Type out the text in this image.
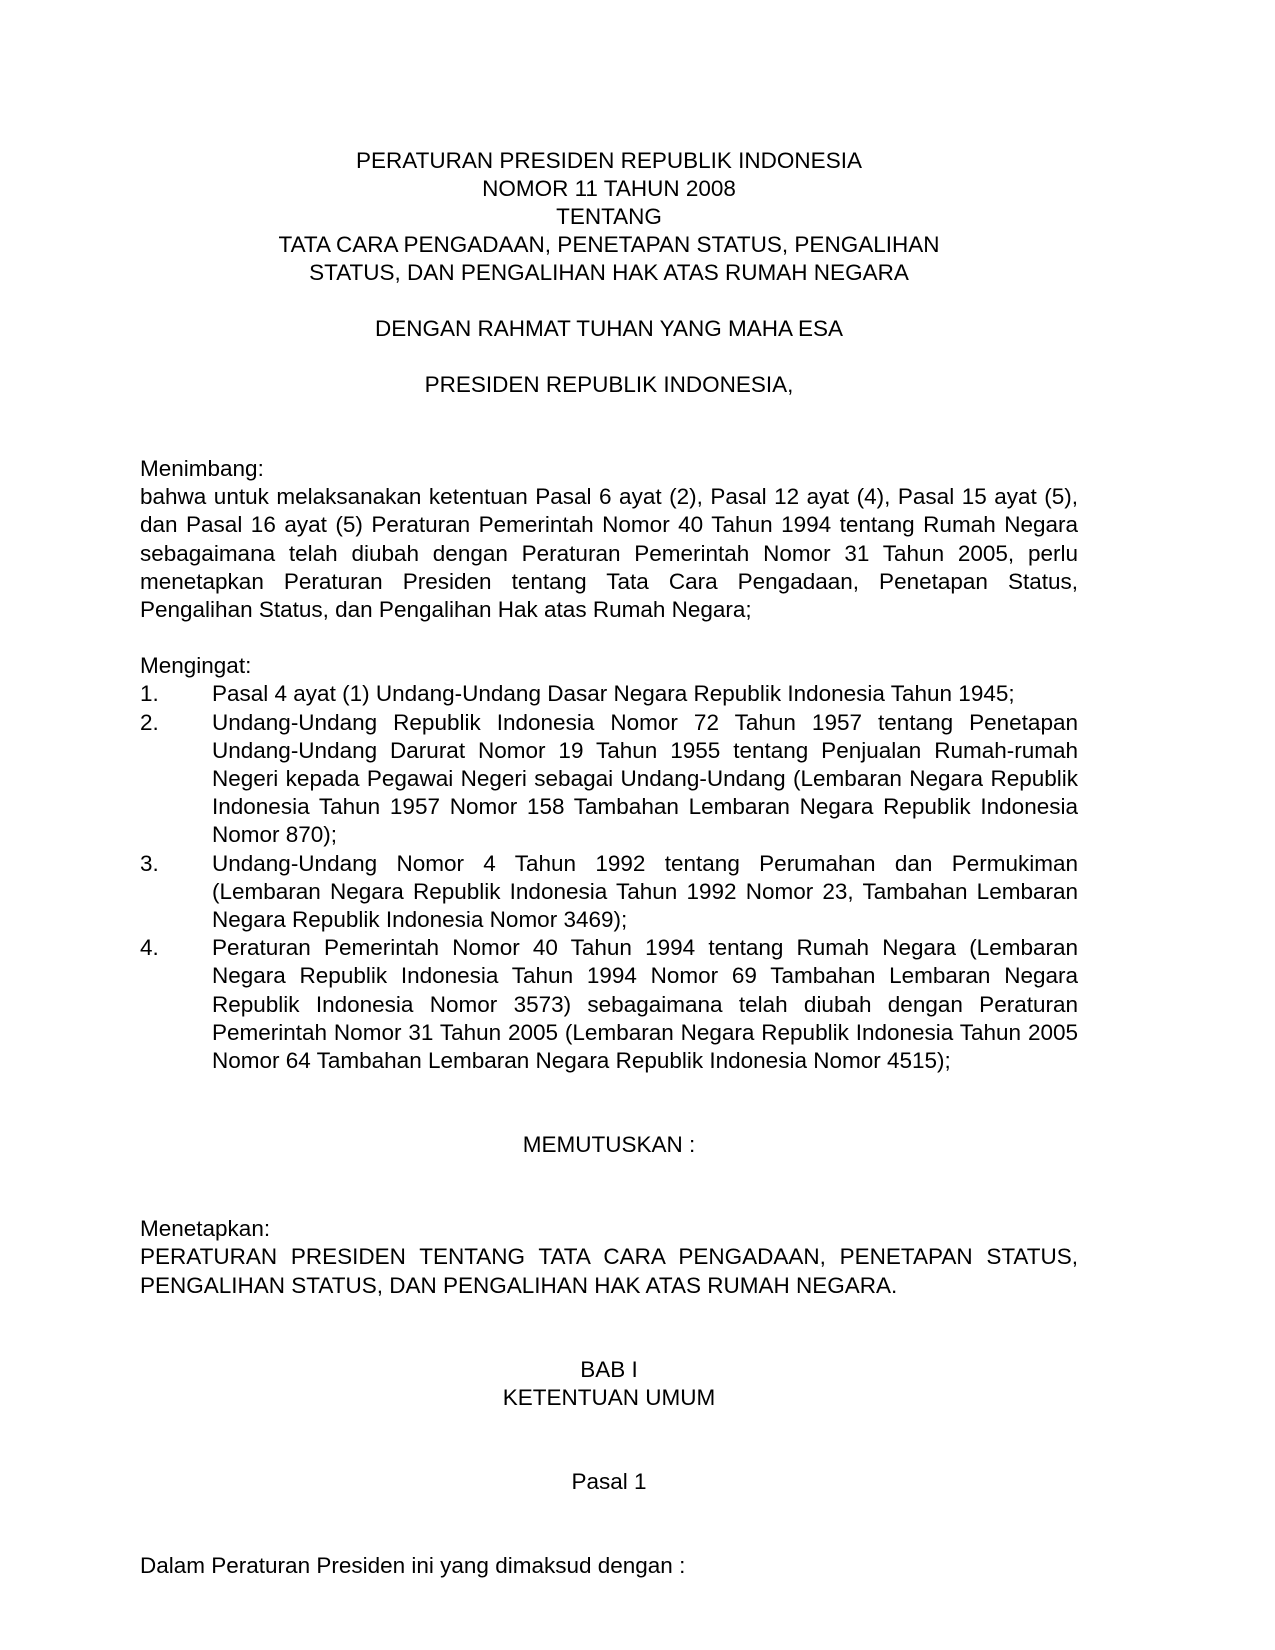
PERATURAN PRESIDEN REPUBLIK INDONESIA
NOMOR 11 TAHUN 2008
TENTANG
TATA CARA PENGADAAN, PENETAPAN STATUS, PENGALIHAN
STATUS, DAN PENGALIHAN HAK ATAS RUMAH NEGARA
DENGAN RAHMAT TUHAN YANG MAHA ESA
PRESIDEN REPUBLIK INDONESIA,
Menimbang:

bahwa untuk melaksanakan ketentuan Pasal 6 ayat (2), Pasal 12 ayat (4), Pasal 15 ayat (5), dan Pasal 16 ayat (5) Peraturan Pemerintah Nomor 40 Tahun 1994 tentang Rumah Negara sebagaimana telah diubah dengan Peraturan Pemerintah Nomor 31 Tahun 2005, perlu menetapkan Peraturan Presiden tentang Tata Cara Pengadaan, Penetapan Status, Pengalihan Status, dan Pengalihan Hak atas Rumah Negara;

Mengingat:
1.	Pasal 4 ayat (1) Undang-Undang Dasar Negara Republik Indonesia Tahun 1945;
2.	Undang-Undang Republik Indonesia Nomor 72 Tahun 1957 tentang Penetapan Undang-Undang Darurat Nomor 19 Tahun 1955 tentang Penjualan Rumah-rumah Negeri kepada Pegawai Negeri sebagai Undang-Undang (Lembaran Negara Republik Indonesia Tahun 1957 Nomor 158 Tambahan Lembaran Negara Republik Indonesia Nomor 870);
3.	Undang-Undang Nomor 4 Tahun 1992 tentang Perumahan dan Permukiman (Lembaran Negara Republik Indonesia Tahun 1992 Nomor 23, Tambahan Lembaran Negara Republik Indonesia Nomor 3469);
4.	Peraturan Pemerintah Nomor 40 Tahun 1994 tentang Rumah Negara (Lembaran Negara Republik Indonesia Tahun 1994 Nomor 69 Tambahan Lembaran Negara Republik Indonesia Nomor 3573) sebagaimana telah diubah dengan Peraturan Pemerintah Nomor 31 Tahun 2005 (Lembaran Negara Republik Indonesia Tahun 2005 Nomor 64 Tambahan Lembaran Negara Republik Indonesia Nomor 4515);
MEMUTUSKAN :
Menetapkan:

PERATURAN PRESIDEN TENTANG TATA CARA PENGADAAN, PENETAPAN STATUS, PENGALIHAN STATUS, DAN PENGALIHAN HAK ATAS RUMAH NEGARA.

BAB I
KETENTUAN UMUM
Pasal 1
Dalam Peraturan Presiden ini yang dimaksud dengan :
